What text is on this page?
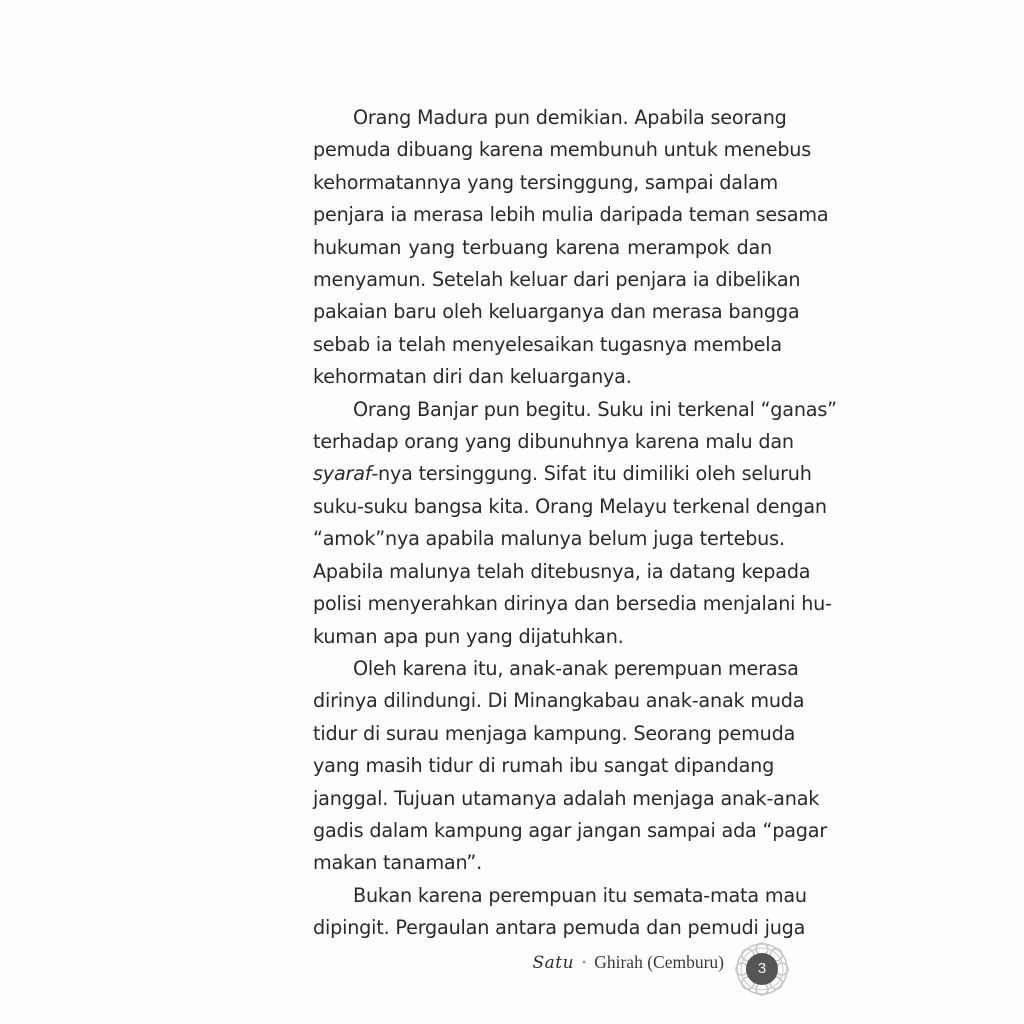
Orang Madura pun demikian. Apabila seorang
pemuda dibuang karena membunuh untuk menebus
kehormatannya yang tersinggung, sampai dalam
penjara ia merasa lebih mulia daripada teman sesama
hukuman yang terbuang karena merampok dan
menyamun. Setelah keluar dari penjara ia dibelikan
pakaian baru oleh keluarganya dan merasa bangga
sebab ia telah menyelesaikan tugasnya membela
kehormatan diri dan keluarganya.
Orang Banjar pun begitu. Suku ini terkenal “ganas”
terhadap orang yang dibunuhnya karena malu dan
syaraf-nya tersinggung. Sifat itu dimiliki oleh seluruh
suku-suku bangsa kita. Orang Melayu terkenal dengan
“amok”nya apabila malunya belum juga tertebus.
Apabila malunya telah ditebusnya, ia datang kepada
polisi menyerahkan dirinya dan bersedia menjalani hu-
kuman apa pun yang dijatuhkan.
Oleh karena itu, anak-anak perempuan merasa
dirinya dilindungi. Di Minangkabau anak-anak muda
tidur di surau menjaga kampung. Seorang pemuda
yang masih tidur di rumah ibu sangat dipandang
janggal. Tujuan utamanya adalah menjaga anak-anak
gadis dalam kampung agar jangan sampai ada “pagar
makan tanaman”.
Bukan karena perempuan itu semata-mata mau
dipingit. Pergaulan antara pemuda dan pemudi juga
Satu • Ghirah (Cemburu)	3
